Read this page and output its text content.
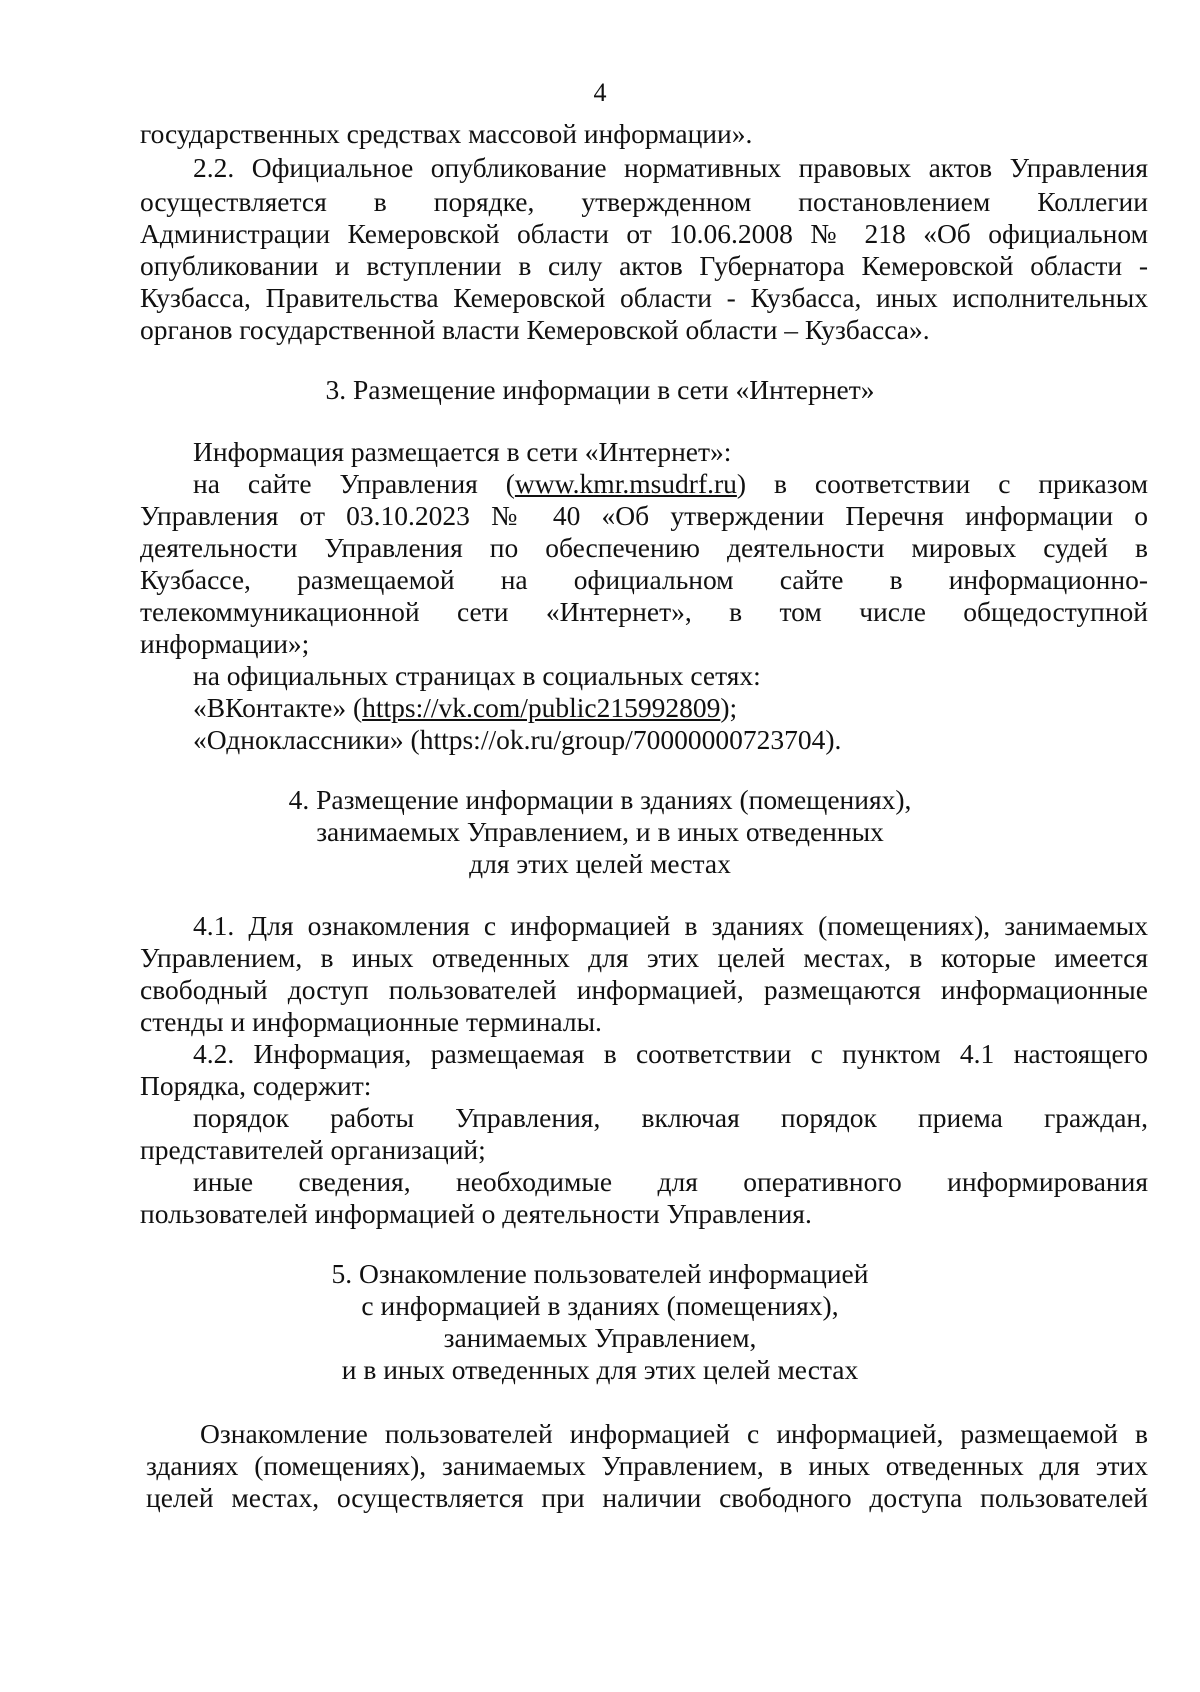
4
государственных средствах массовой информации».
2.2. Официальное опубликование нормативных правовых актов Управления
осуществляется в порядке, утвержденном постановлением Коллегии
Администрации Кемеровской области от 10.06.2008 № 218 «Об официальном
опубликовании и вступлении в силу актов Губернатора Кемеровской области -
Кузбасса, Правительства Кемеровской области - Кузбасса, иных исполнительных
органов государственной власти Кемеровской области – Кузбасса».
3. Размещение информации в сети «Интернет»
Информация размещается в сети «Интернет»:
на сайте Управления (www.kmr.msudrf.ru) в соответствии с приказом
Управления от 03.10.2023 № 40 «Об утверждении Перечня информации о
деятельности Управления по обеспечению деятельности мировых судей в
Кузбассе, размещаемой на официальном сайте в информационно-
телекоммуникационной сети «Интернет», в том числе общедоступной
информации»;
на официальных страницах в социальных сетях:
«ВКонтакте» (https://vk.com/public215992809);
«Одноклассники» (https://ok.ru/group/70000000723704).
4. Размещение информации в зданиях (помещениях),
занимаемых Управлением, и в иных отведенных
для этих целей местах
4.1. Для ознакомления с информацией в зданиях (помещениях), занимаемых
Управлением, в иных отведенных для этих целей местах, в которые имеется
свободный доступ пользователей информацией, размещаются информационные
стенды и информационные терминалы.
4.2. Информация, размещаемая в соответствии с пунктом 4.1 настоящего
Порядка, содержит:
порядок работы Управления, включая порядок приема граждан,
представителей организаций;
иные сведения, необходимые для оперативного информирования
пользователей информацией о деятельности Управления.
5. Ознакомление пользователей информацией
с информацией в зданиях (помещениях),
занимаемых Управлением,
и в иных отведенных для этих целей местах
Ознакомление пользователей информацией с информацией, размещаемой в
зданиях (помещениях), занимаемых Управлением, в иных отведенных для этих
целей местах, осуществляется при наличии свободного доступа пользователей
